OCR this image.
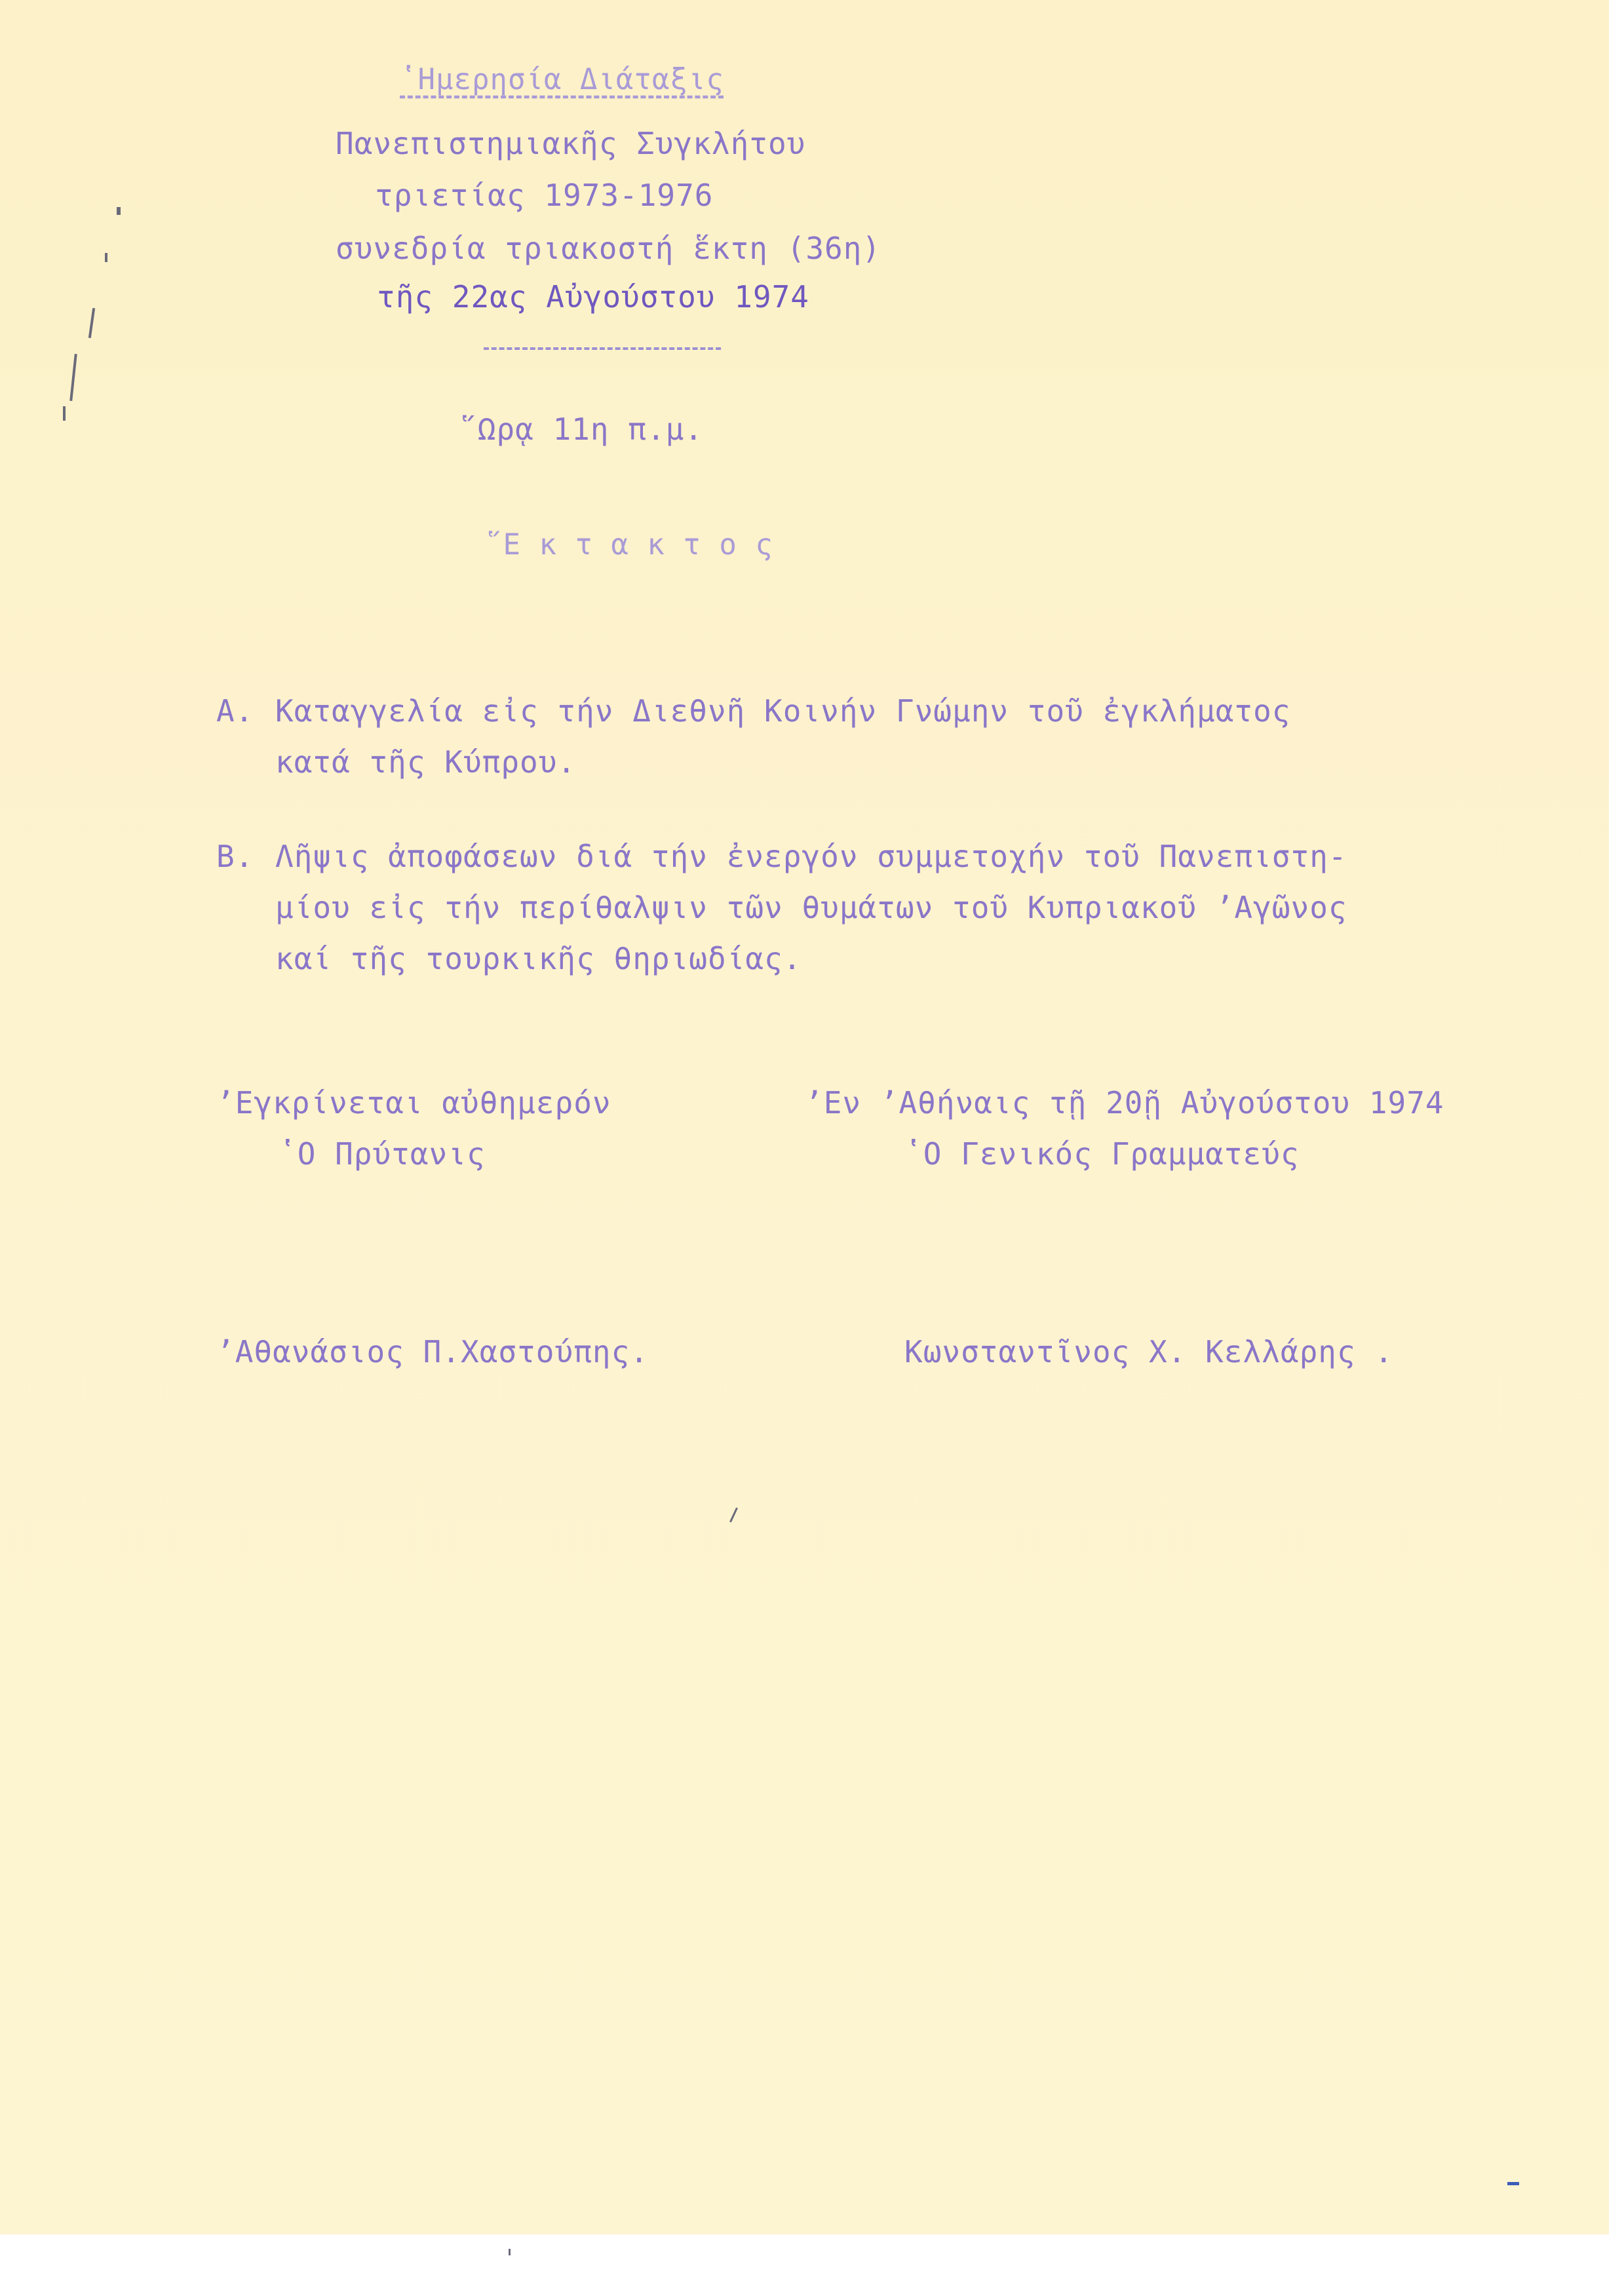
ʽΗμερησία Διάταξις
Πανεπιστημιακῆς Συγκλήτου
τριετίας 1973-1976
συνεδρία τριακοστή ἕκτη (36η)
τῆς 22ας Αὐγούστου 1974
῞Ωρᾳ 11η π.μ.
῞Ε κ τ α κ τ ο ς
Α. Καταγγελία εἰς τήν Διεθνῆ Κοινήν Γνώμην τοῦ ἐγκλήματος
κατά τῆς Κύπρου.
Β. Λῆψις ἀποφάσεων διά τήν ἐνεργόν συμμετοχήν τοῦ Πανεπιστη-
μίου εἰς τήν περίθαλψιν τῶν θυμάτων τοῦ Κυπριακοῦ ʼΑγῶνος
καί τῆς τουρκικῆς θηριωδίας.
ʼΕγκρίνεται αὐθημερόν
ʽΟ Πρύτανις
ʼΕν ʼΑθήναις τῇ 20ῇ Αὐγούστου 1974
ʽΟ Γενικός Γραμματεύς
ʼΑθανάσιος Π.Χαστούπης.	Κωνσταντῖνος Χ. Κελλάρης .
